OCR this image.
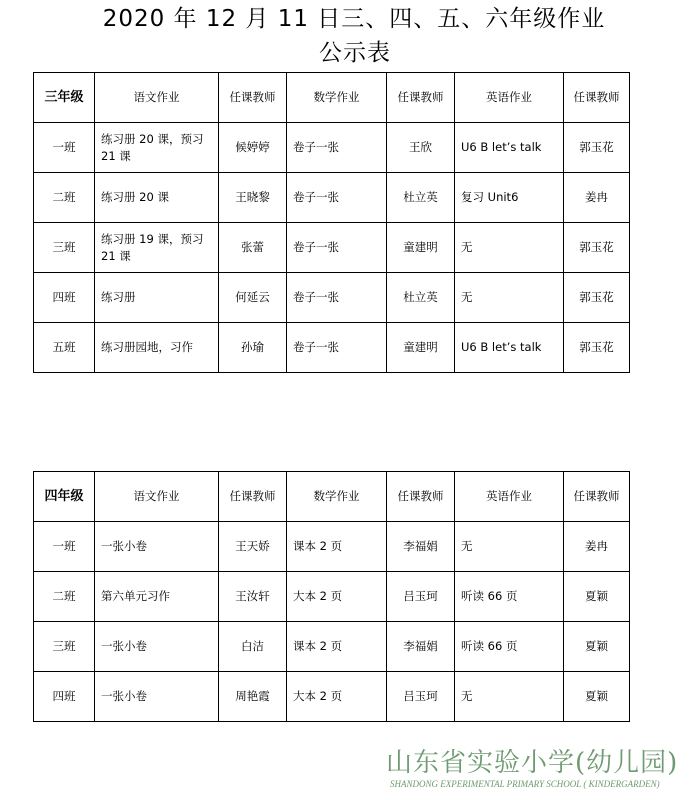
2020 年 12 月 11 日三、四、五、六年级作业
公示表
三年级	语文作业	任课教师	数学作业	任课教师	英语作业	任课教师
一班	练习册 20 课，预习 21 课	候婷婷	卷子一张	王欣	U6 B let’s talk	郭玉花
二班	练习册 20 课	王晓黎	卷子一张	杜立英	复习 Unit6	姜冉
三班	练习册 19 课，预习 21 课	张蕾	卷子一张	童建明	无	郭玉花
四班	练习册	何延云	卷子一张	杜立英	无	郭玉花
五班	练习册园地，习作	孙瑜	卷子一张	童建明	U6 B let’s talk	郭玉花
四年级	语文作业	任课教师	数学作业	任课教师	英语作业	任课教师
一班	一张小卷	王天娇	课本 2 页	李福娟	无	姜冉
二班	第六单元习作	王汝轩	大本 2 页	吕玉珂	听读 66 页	夏颖
三班	一张小卷	白洁	课本 2 页	李福娟	听读 66 页	夏颖
四班	一张小卷	周艳霞	大本 2 页	吕玉珂	无	夏颖
山东省实验小学(幼儿园)
SHANDONG EXPERIMENTAL PRIMARY SCHOOL ( KINDERGARDEN)
